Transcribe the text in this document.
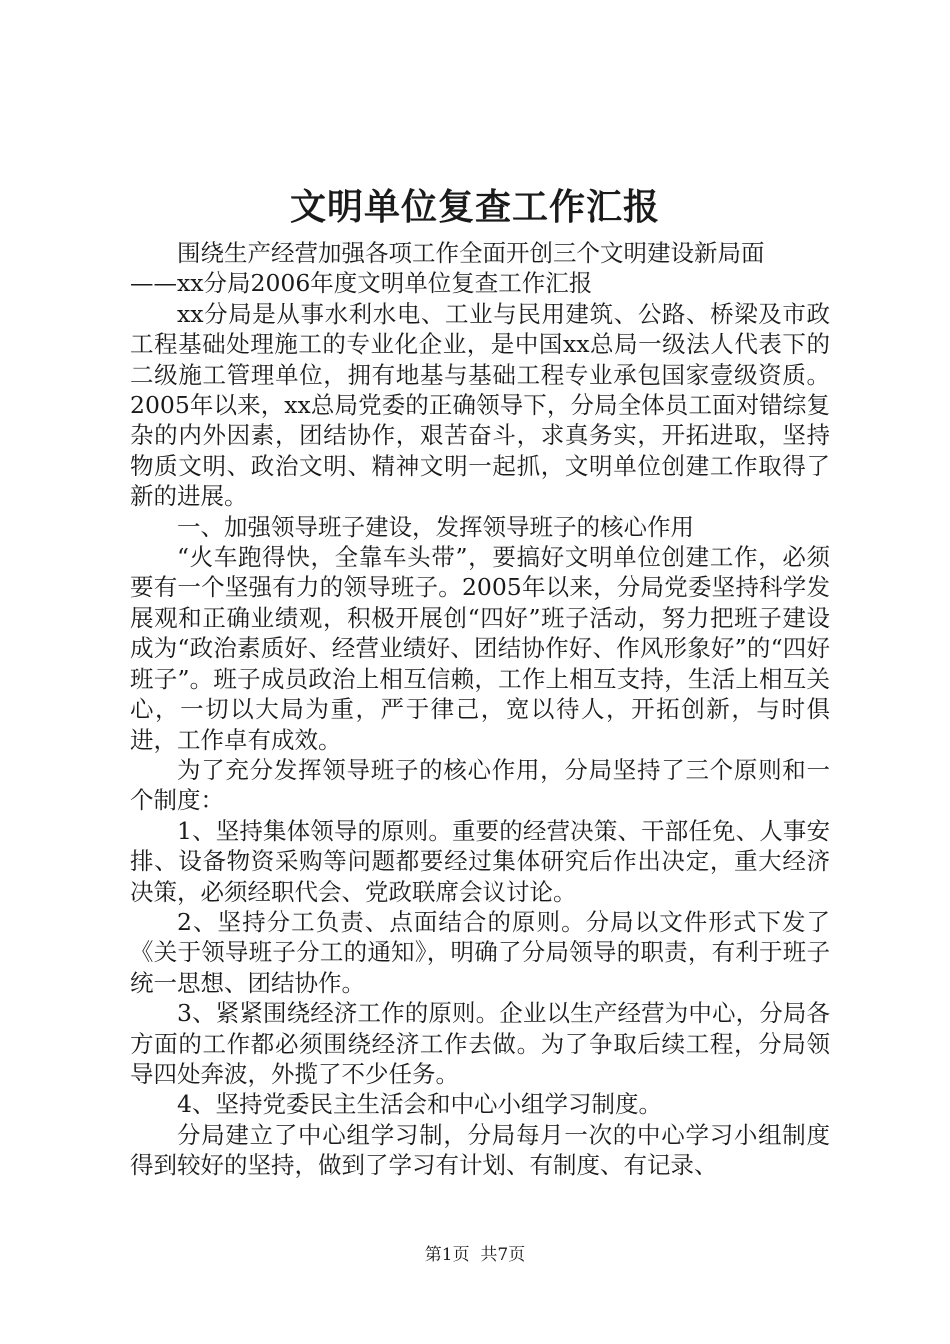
文明单位复查工作汇报

围绕生产经营加强各项工作全面开创三个文明建设新局面

——xx分局2006年度文明单位复查工作汇报

xx分局是从事水利水电、工业与民用建筑、公路、桥梁及市政工程基础处理施工的专业化企业，是中国xx总局一级法人代表下的二级施工管理单位，拥有地基与基础工程专业承包国家壹级资质。2005年以来，xx总局党委的正确领导下，分局全体员工面对错综复杂的内外因素，团结协作，艰苦奋斗，求真务实，开拓进取，坚持物质文明、政治文明、精神文明一起抓，文明单位创建工作取得了新的进展。

一、加强领导班子建设，发挥领导班子的核心作用

“火车跑得快，全靠车头带”，要搞好文明单位创建工作，必须要有一个坚强有力的领导班子。2005年以来，分局党委坚持科学发展观和正确业绩观，积极开展创“四好”班子活动，努力把班子建设成为“政治素质好、经营业绩好、团结协作好、作风形象好”的“四好班子”。班子成员政治上相互信赖，工作上相互支持，生活上相互关心，一切以大局为重，严于律己，宽以待人，开拓创新，与时俱进，工作卓有成效。

为了充分发挥领导班子的核心作用，分局坚持了三个原则和一个制度：

1、坚持集体领导的原则。重要的经营决策、干部任免、人事安排、设备物资采购等问题都要经过集体研究后作出决定，重大经济决策，必须经职代会、党政联席会议讨论。

2、坚持分工负责、点面结合的原则。分局以文件形式下发了《关于领导班子分工的通知》，明确了分局领导的职责，有利于班子统一思想、团结协作。

3、紧紧围绕经济工作的原则。企业以生产经营为中心，分局各方面的工作都必须围绕经济工作去做。为了争取后续工程，分局领导四处奔波，外揽了不少任务。

4、坚持党委民主生活会和中心小组学习制度。

分局建立了中心组学习制，分局每月一次的中心学习小组制度得到较好的坚持，做到了学习有计划、有制度、有记录、

第1页 共7页
